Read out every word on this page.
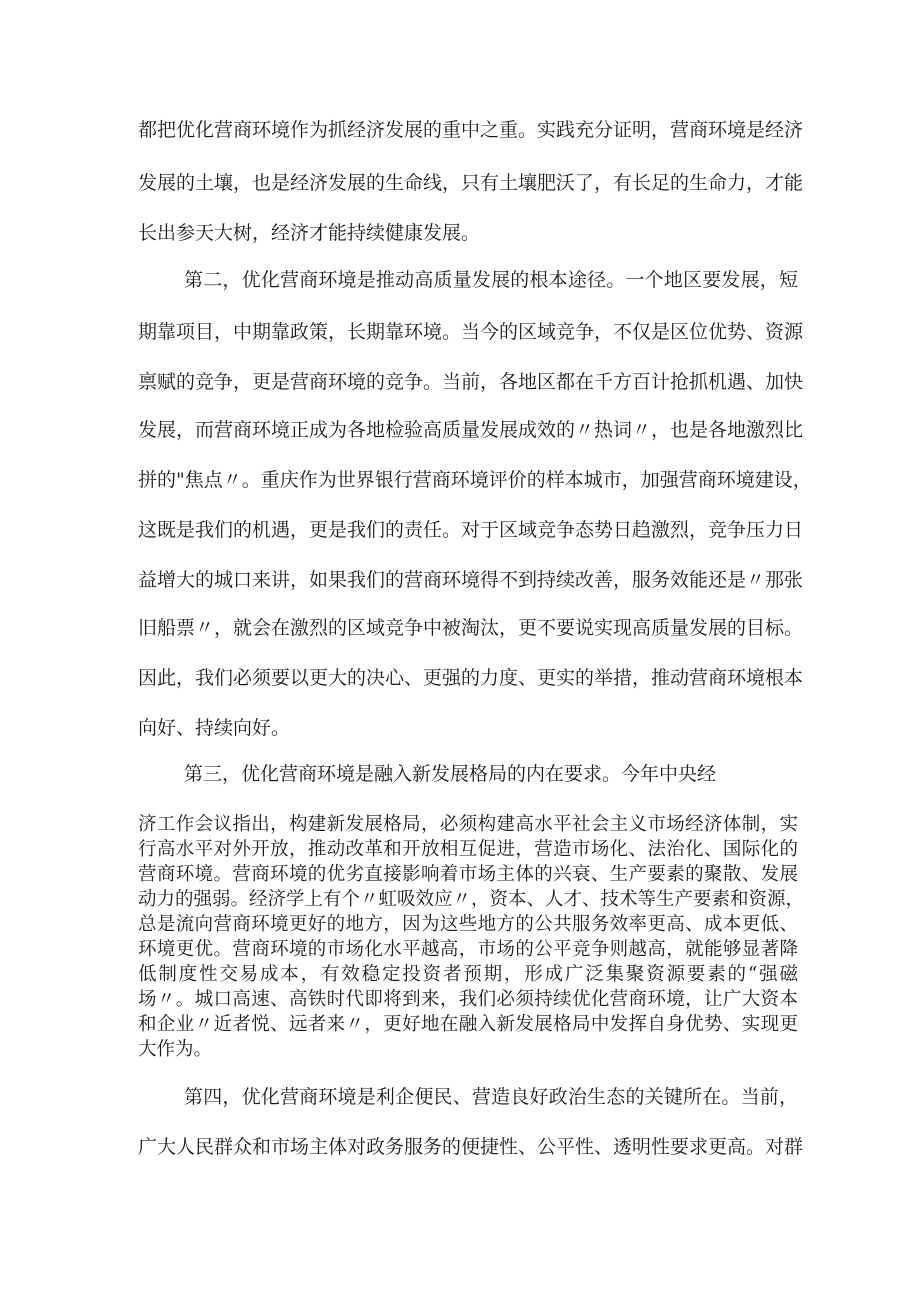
都把优化营商环境作为抓经济发展的重中之重。实践充分证明，营商环境是经济
发展的土壤，也是经济发展的生命线，只有土壤肥沃了，有长足的生命力，才能
长出参天大树，经济才能持续健康发展。
第二，优化营商环境是推动高质量发展的根本途径。一个地区要发展，短
期靠项目，中期靠政策，长期靠环境。当今的区域竞争，不仅是区位优势、资源
禀赋的竞争，更是营商环境的竞争。当前，各地区都在千方百计抢抓机遇、加快
发展，而营商环境正成为各地检验高质量发展成效的〃热词〃，也是各地激烈比
拼的"焦点〃。重庆作为世界银行营商环境评价的样本城市，加强营商环境建设，
这既是我们的机遇，更是我们的责任。对于区域竞争态势日趋激烈，竞争压力日
益增大的城口来讲，如果我们的营商环境得不到持续改善，服务效能还是〃那张
旧船票〃，就会在激烈的区域竞争中被淘汰，更不要说实现高质量发展的目标。
因此，我们必须要以更大的决心、更强的力度、更实的举措，推动营商环境根本
向好、持续向好。
第三，优化营商环境是融入新发展格局的内在要求。今年中央经
济工作会议指出，构建新发展格局，必须构建高水平社会主义市场经济体制，实
行高水平对外开放，推动改革和开放相互促进，营造市场化、法治化、国际化的
营商环境。营商环境的优劣直接影响着市场主体的兴衰、生产要素的聚散、发展
动力的强弱。经济学上有个〃虹吸效应〃，资本、人才、技术等生产要素和资源，
总是流向营商环境更好的地方，因为这些地方的公共服务效率更高、成本更低、
环境更优。营商环境的市场化水平越高，市场的公平竞争则越高，就能够显著降
低制度性交易成本，有效稳定投资者预期，形成广泛集聚资源要素的“强磁
场〃。城口高速、高铁时代即将到来，我们必须持续优化营商环境，让广大资本
和企业〃近者悦、远者来〃，更好地在融入新发展格局中发挥自身优势、实现更
大作为。
第四，优化营商环境是利企便民、营造良好政治生态的关键所在。当前，
广大人民群众和市场主体对政务服务的便捷性、公平性、透明性要求更高。对群
